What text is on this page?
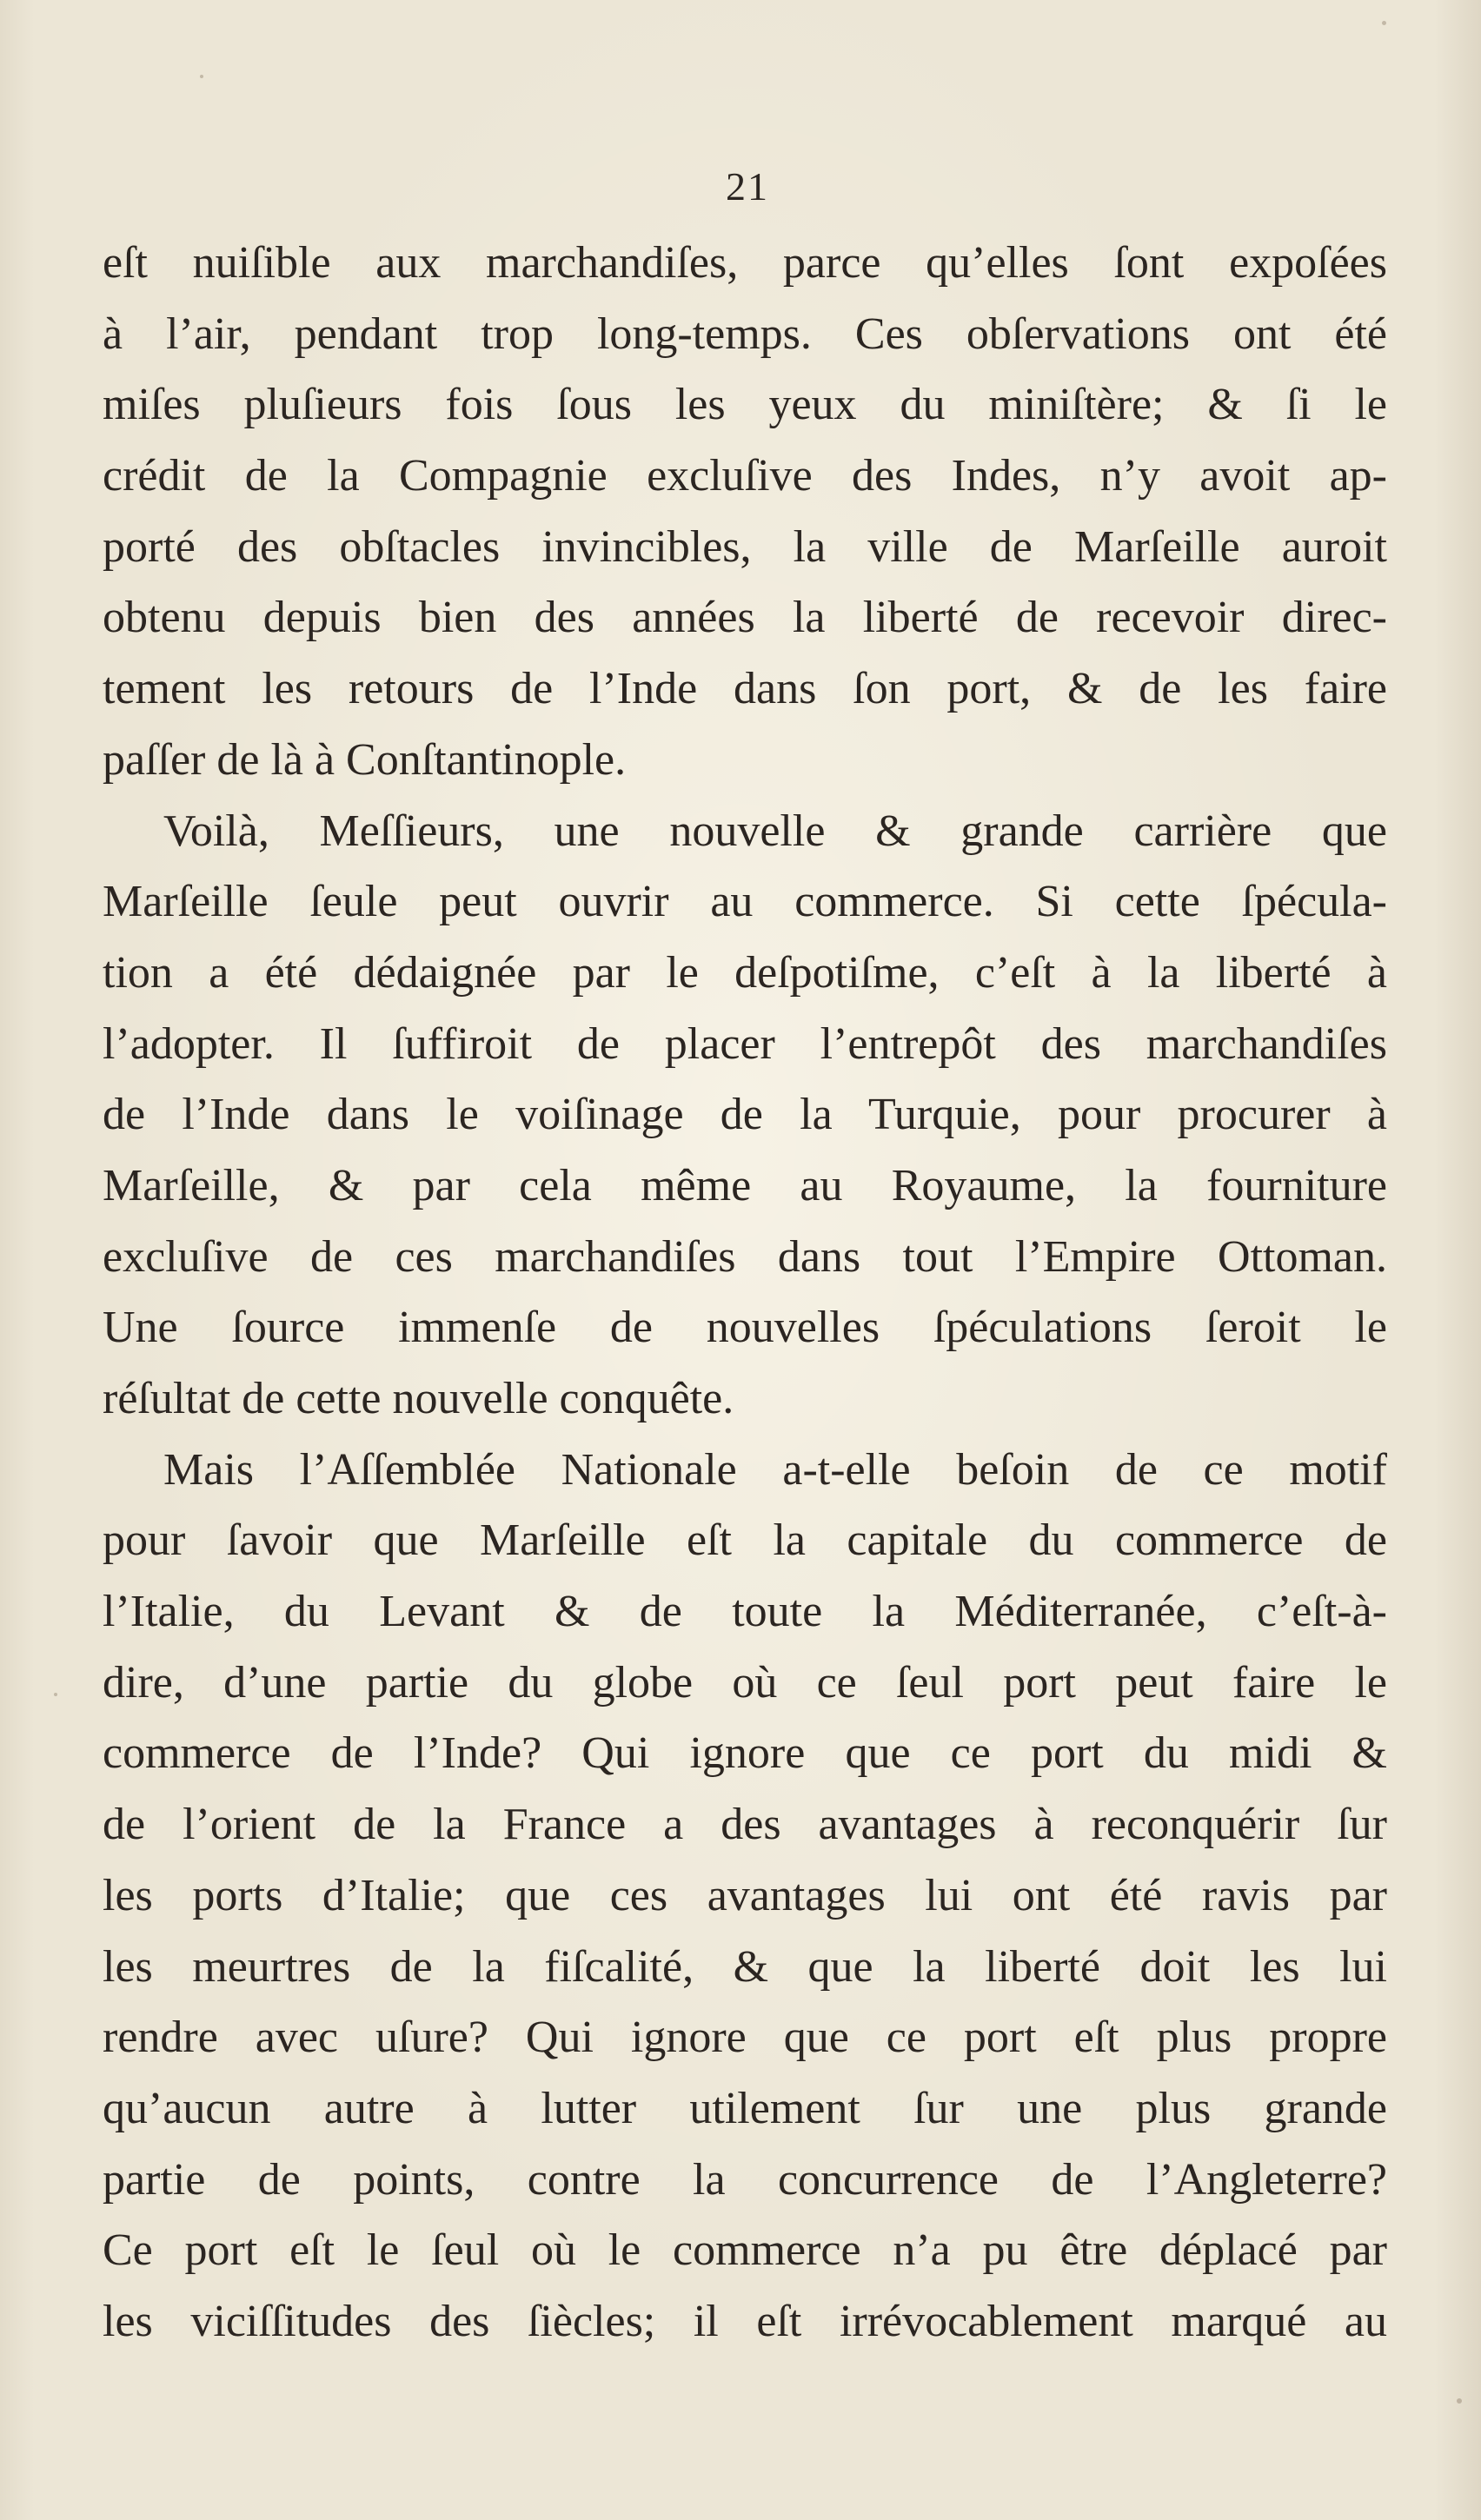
21
eſt nuiſible aux marchandiſes, parce qu’elles ſont expoſées
à l’air, pendant trop long-temps. Ces obſervations ont été
miſes pluſieurs fois ſous les yeux du miniſtère; & ſi le
crédit de la Compagnie excluſive des Indes, n’y avoit ap-
porté des obſtacles invincibles, la ville de Marſeille auroit
obtenu depuis bien des années la liberté de recevoir direc-
tement les retours de l’Inde dans ſon port, & de les faire
paſſer de là à Conſtantinople.
Voilà, Meſſieurs, une nouvelle & grande carrière que
Marſeille ſeule peut ouvrir au commerce. Si cette ſpécula-
tion a été dédaignée par le deſpotiſme, c’eſt à la liberté à
l’adopter. Il ſuffiroit de placer l’entrepôt des marchandiſes
de l’Inde dans le voiſinage de la Turquie, pour procurer à
Marſeille, & par cela même au Royaume, la fourniture
excluſive de ces marchandiſes dans tout l’Empire Ottoman.
Une ſource immenſe de nouvelles ſpéculations ſeroit le
réſultat de cette nouvelle conquête.
Mais l’Aſſemblée Nationale a-t-elle beſoin de ce motif
pour ſavoir que Marſeille eſt la capitale du commerce de
l’Italie, du Levant & de toute la Méditerranée, c’eſt-à-
dire, d’une partie du globe où ce ſeul port peut faire le
commerce de l’Inde? Qui ignore que ce port du midi &
de l’orient de la France a des avantages à reconquérir ſur
les ports d’Italie; que ces avantages lui ont été ravis par
les meurtres de la fiſcalité, & que la liberté doit les lui
rendre avec uſure? Qui ignore que ce port eſt plus propre
qu’aucun autre à lutter utilement ſur une plus grande
partie de points, contre la concurrence de l’Angleterre?
Ce port eſt le ſeul où le commerce n’a pu être déplacé par
les viciſſitudes des ſiècles; il eſt irrévocablement marqué au
